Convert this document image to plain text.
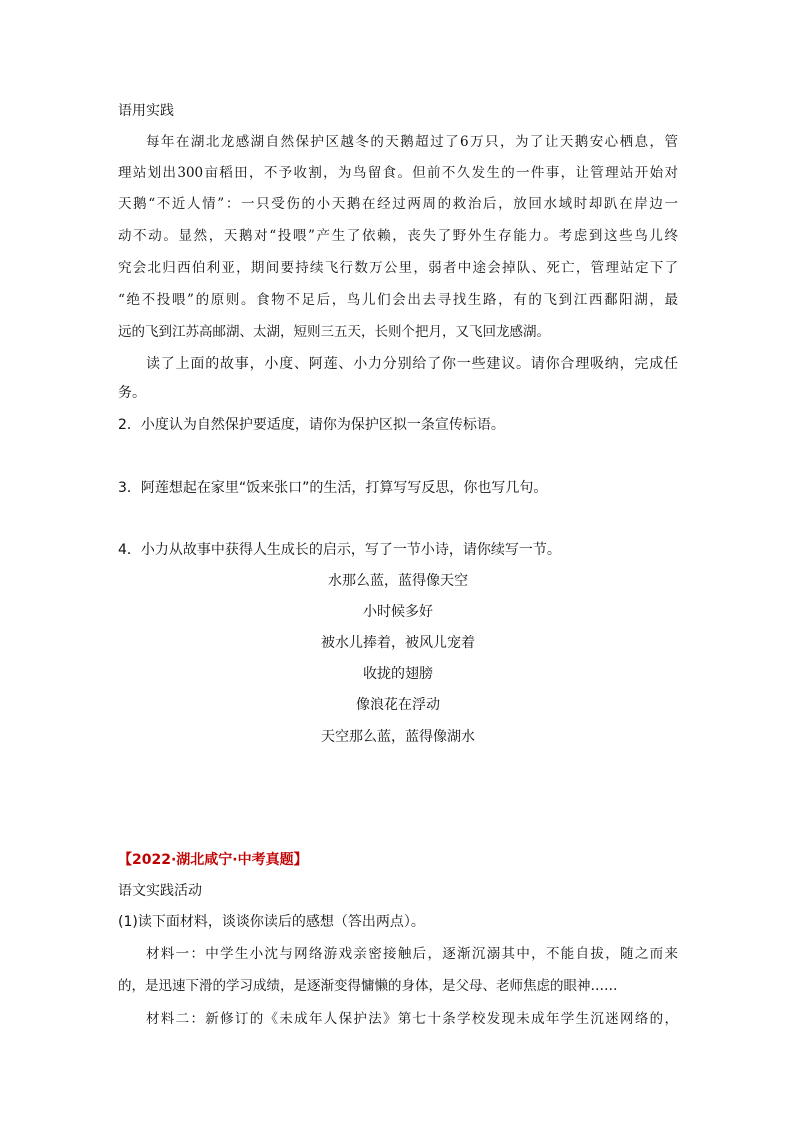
语用实践
每年在湖北龙感湖自然保护区越冬的天鹅超过了6万只，为了让天鹅安心栖息，管
理站划出300亩稻田，不予收割，为鸟留食。但前不久发生的一件事，让管理站开始对
天鹅“不近人情”：一只受伤的小天鹅在经过两周的救治后，放回水域时却趴在岸边一
动不动。显然，天鹅对“投喂”产生了依赖，丧失了野外生存能力。考虑到这些鸟儿终
究会北归西伯利亚，期间要持续飞行数万公里，弱者中途会掉队、死亡，管理站定下了
“绝不投喂”的原则。食物不足后，鸟儿们会出去寻找生路，有的飞到江西鄱阳湖，最
远的飞到江苏高邮湖、太湖，短则三五天，长则个把月，又飞回龙感湖。
读了上面的故事，小度、阿莲、小力分别给了你一些建议。请你合理吸纳，完成任
务。
2．小度认为自然保护要适度，请你为保护区拟一条宣传标语。
3．阿莲想起在家里“饭来张口”的生活，打算写写反思，你也写几句。
4．小力从故事中获得人生成长的启示，写了一节小诗，请你续写一节。
水那么蓝，蓝得像天空
小时候多好
被水儿捧着，被风儿宠着
收拢的翅膀
像浪花在浮动
天空那么蓝，蓝得像湖水
【2022·湖北咸宁·中考真题】
语文实践活动
(1)读下面材料，谈谈你读后的感想（答出两点）。
材料一：中学生小沈与网络游戏亲密接触后，逐渐沉溺其中，不能自拔，随之而来
的，是迅速下滑的学习成绩，是逐渐变得慵懒的身体，是父母、老师焦虑的眼神……
材料二：新修订的《未成年人保护法》第七十条学校发现未成年学生沉迷网络的，
